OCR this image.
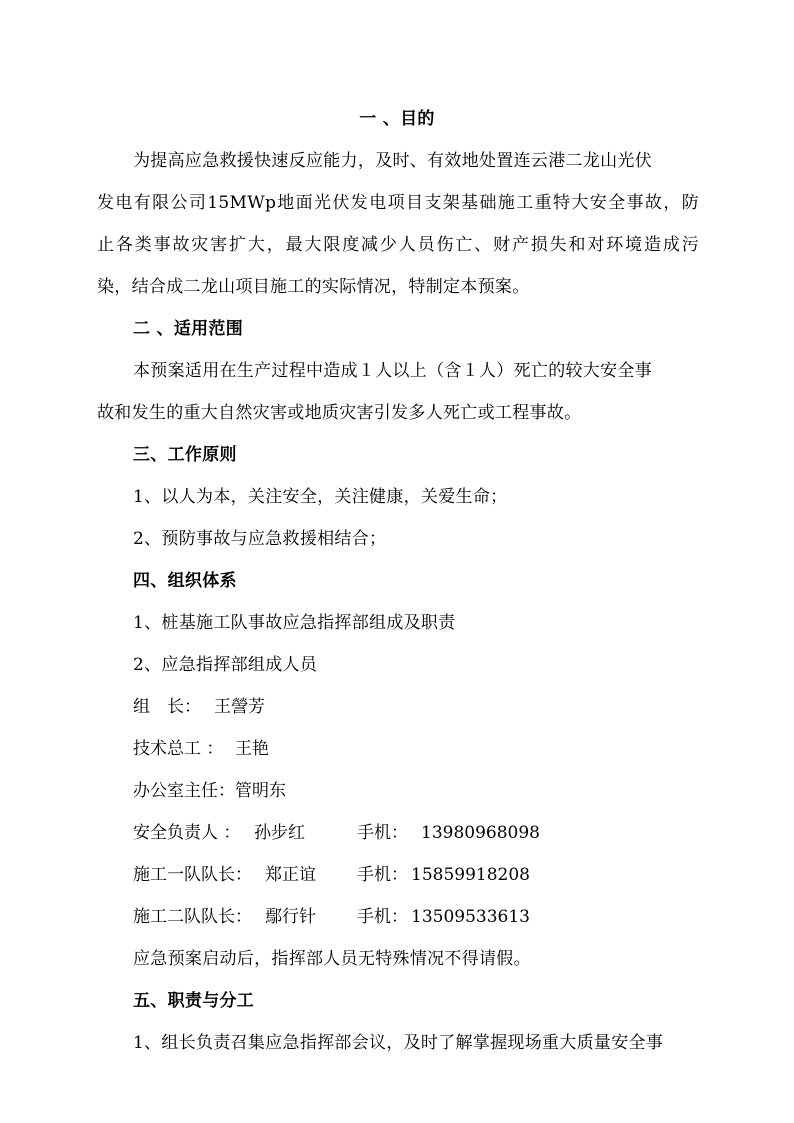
一 、目的
为提高应急救援快速反应能力，及时、有效地处置连云港二龙山光伏
发电有限公司15MWp地面光伏发电项目支架基础施工重特大安全事故，防
止各类事故灾害扩大，最大限度减少人员伤亡、财产损失和对环境造成污
染，结合成二龙山项目施工的实际情况，特制定本预案。
二 、适用范围
本预案适用在生产过程中造成１人以上（含１人）死亡的较大安全事
故和发生的重大自然灾害或地质灾害引发多人死亡或工程事故。
三、工作原则
1、以人为本，关注安全，关注健康，关爱生命；
2、预防事故与应急救援相结合；
四、组织体系
1、桩基施工队事故应急指挥部组成及职责
2、应急指挥部组成人员
组　长： 王謍芳
技术总工 ： 王艳
办公室主任： 管明东
安全负责人 ： 孙步红	手机： 13980968098
施工一队队长： 郑正谊 手机： 15859918208
施工二队队长： 鄢行针 手机： 13509533613
应急预案启动后，指挥部人员无特殊情况不得请假。
五、职责与分工
1、组长负责召集应急指挥部会议，及时了解掌握现场重大质量安全事
